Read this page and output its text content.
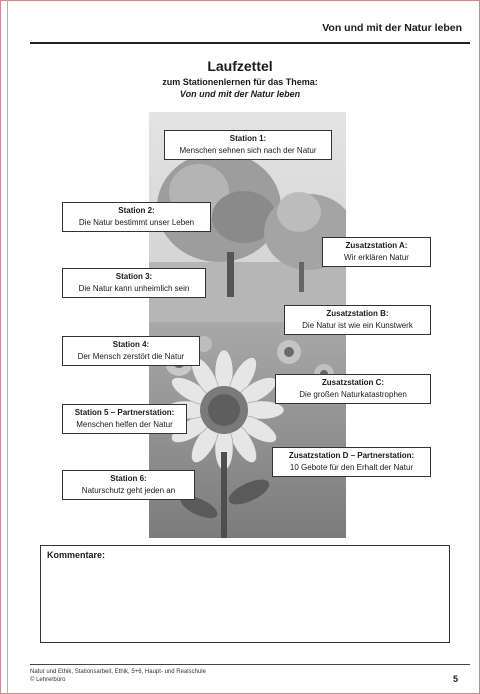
Von und mit der Natur leben
Laufzettel
zum Stationenlernen für das Thema:
Von und mit der Natur leben
Station 1:
Menschen sehnen sich nach der Natur
Station 2:
Die Natur bestimmt unser Leben
Zusatzstation A:
Wir erklären Natur
Station 3:
Die Natur kann unheimlich sein
Zusatzstation B:
Die Natur ist wie ein Kunstwerk
Station 4:
Der Mensch zerstört die Natur
Zusatzstation C:
Die großen Naturkatastrophen
Station 5 – Partnerstation:
Menschen helfen der Natur
Zusatzstation D – Partnerstation:
10 Gebote für den Erhalt der Natur
Station 6:
Naturschutz geht jeden an
Kommentare:
Natur und Ethik, Stationsarbeit, Ethik, 5+6, Haupt- und Realschule
© Lehrerbüro	5
